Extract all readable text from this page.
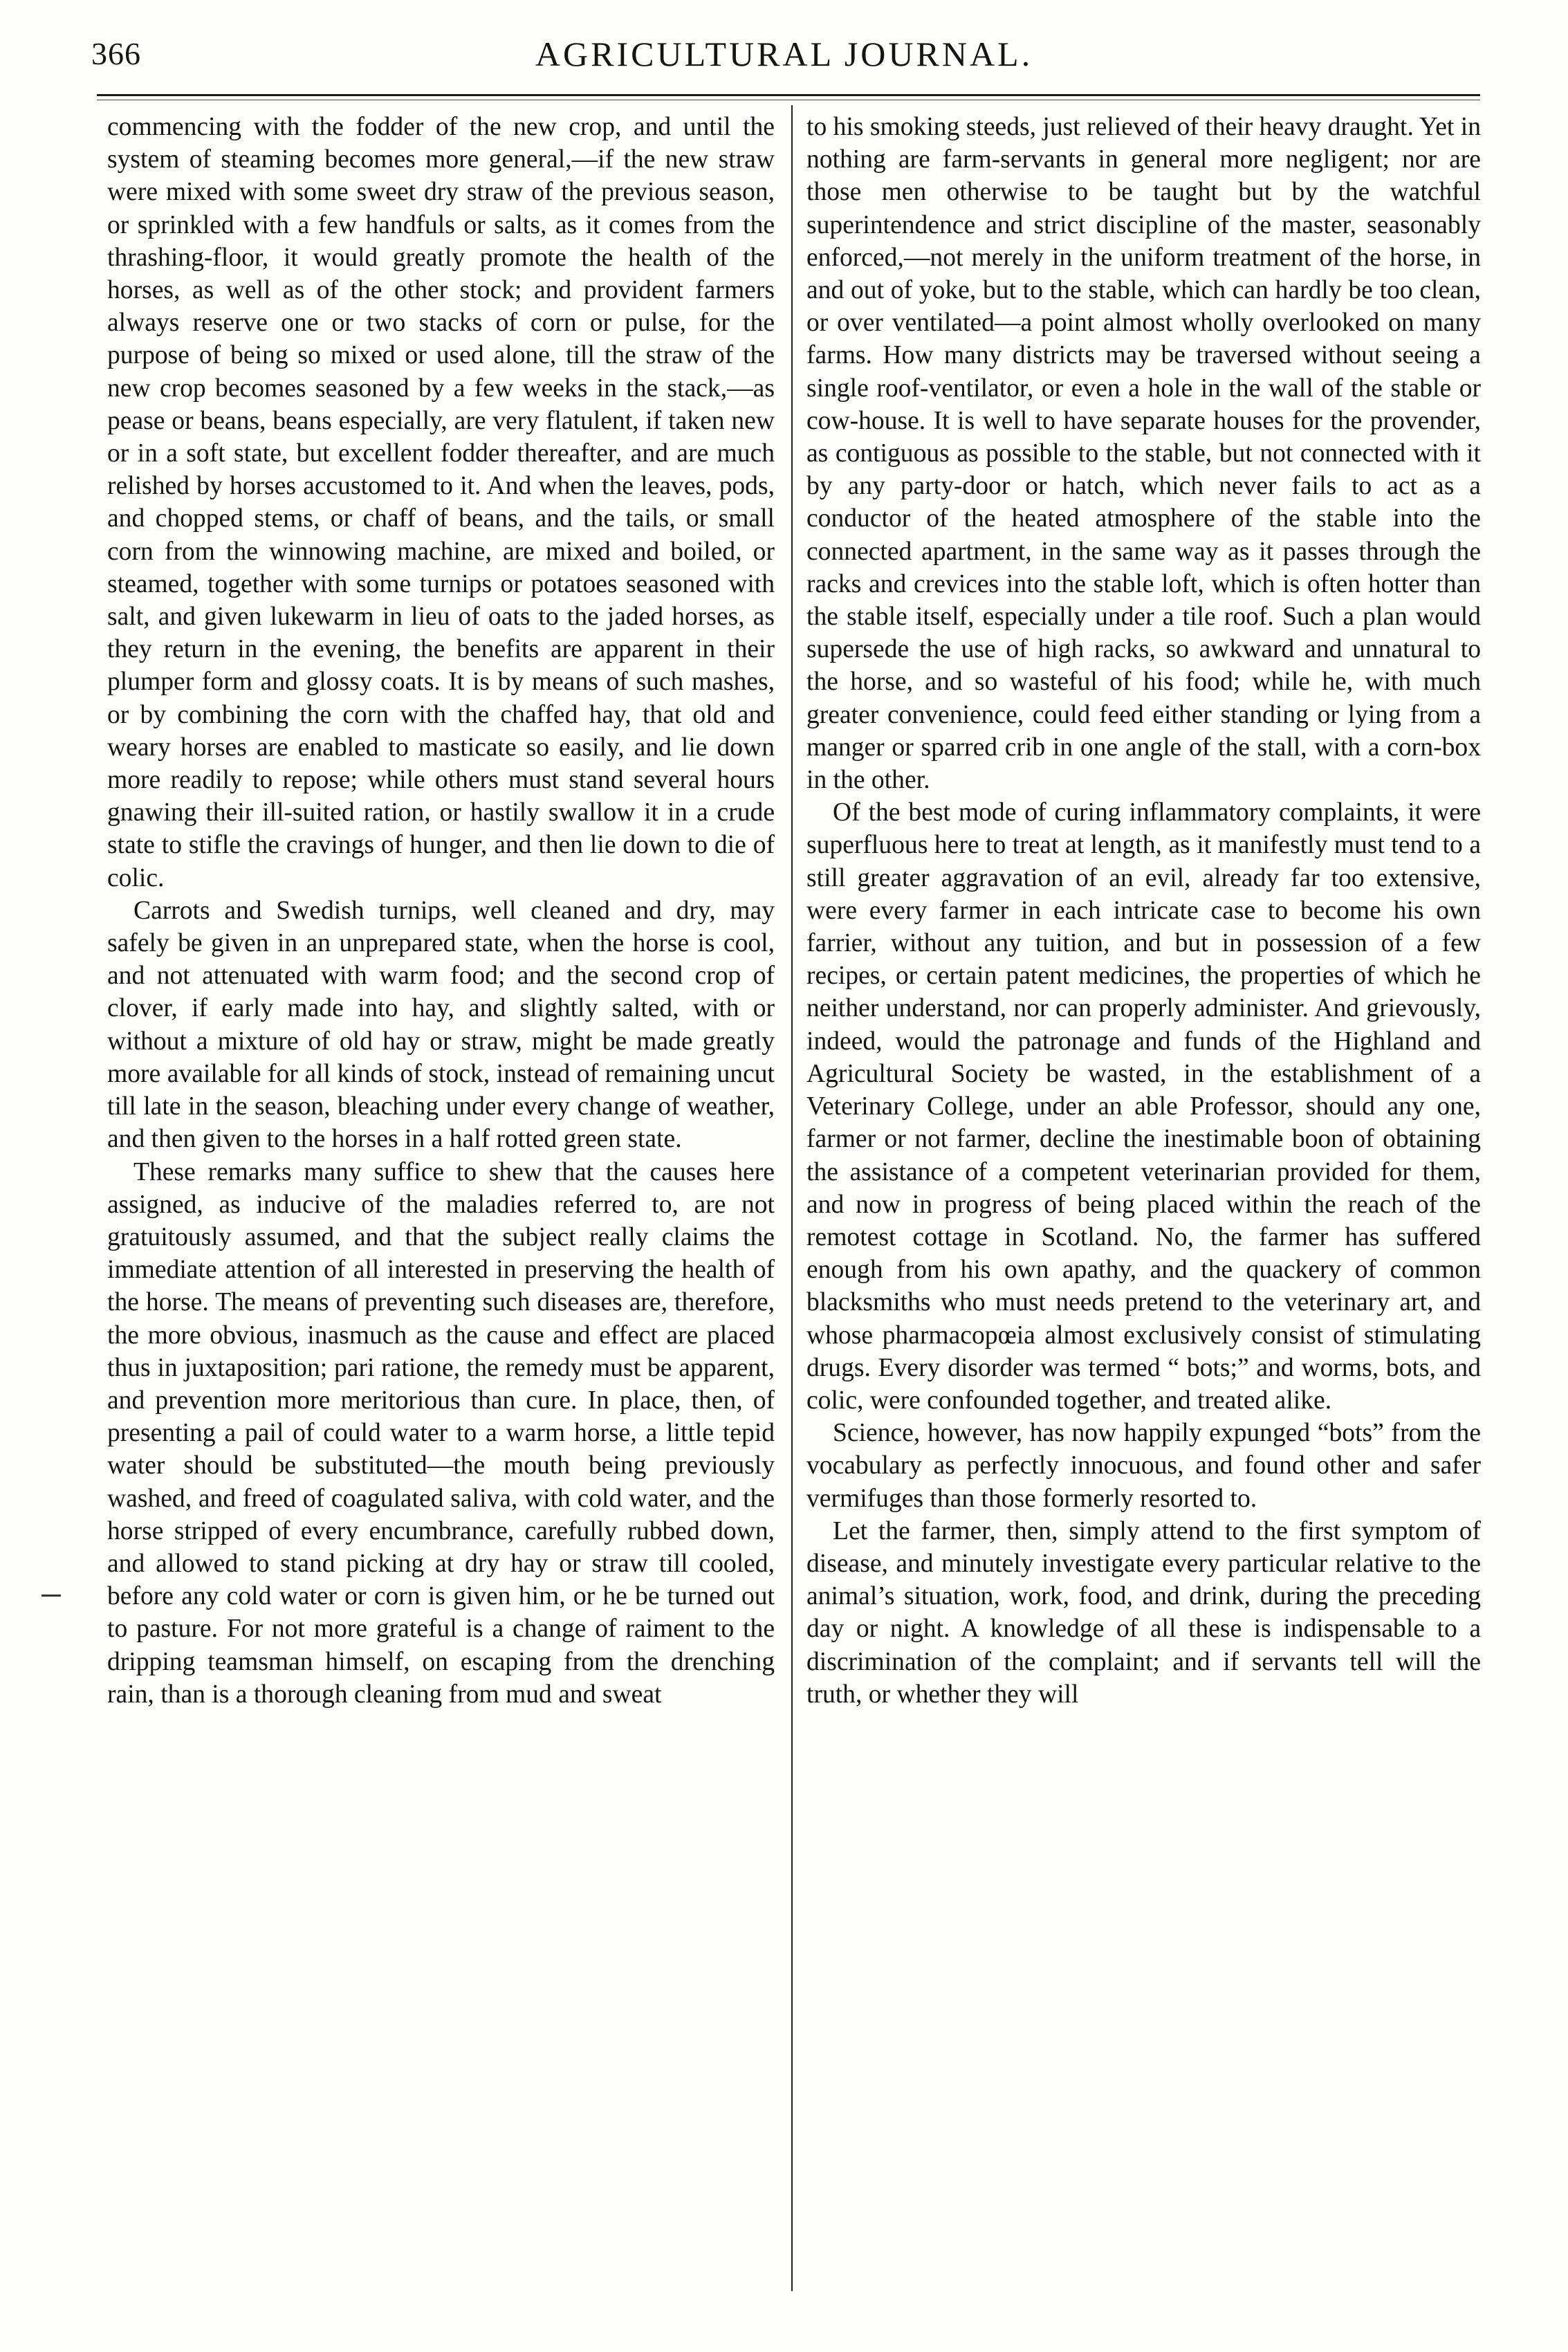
366	AGRICULTURAL JOURNAL.

commencing with the fodder of the new crop, and until the system of steaming becomes more general,—if the new straw were mixed with some sweet dry straw of the previous season, or sprinkled with a few handfuls or salts, as it comes from the thrashing-floor, it would greatly promote the health of the horses, as well as of the other stock; and provident farmers always reserve one or two stacks of corn or pulse, for the purpose of being so mixed or used alone, till the straw of the new crop becomes seasoned by a few weeks in the stack,—as pease or beans, beans especially, are very flatulent, if taken new or in a soft state, but excellent fodder thereafter, and are much relished by horses accustomed to it. And when the leaves, pods, and chopped stems, or chaff of beans, and the tails, or small corn from the winnowing machine, are mixed and boiled, or steamed, together with some turnips or potatoes seasoned with salt, and given lukewarm in lieu of oats to the jaded horses, as they return in the evening, the benefits are apparent in their plumper form and glossy coats. It is by means of such mashes, or by combining the corn with the chaffed hay, that old and weary horses are enabled to masticate so easily, and lie down more readily to repose; while others must stand several hours gnawing their ill-suited ration, or hastily swallow it in a crude state to stifle the cravings of hunger, and then lie down to die of colic.

Carrots and Swedish turnips, well cleaned and dry, may safely be given in an unprepared state, when the horse is cool, and not attenuated with warm food; and the second crop of clover, if early made into hay, and slightly salted, with or without a mixture of old hay or straw, might be made greatly more available for all kinds of stock, instead of remaining uncut till late in the season, bleaching under every change of weather, and then given to the horses in a half rotted green state.

These remarks many suffice to shew that the causes here assigned, as inducive of the maladies referred to, are not gratuitously assumed, and that the subject really claims the immediate attention of all interested in preserving the health of the horse. The means of preventing such diseases are, therefore, the more obvious, inasmuch as the cause and effect are placed thus in juxtaposition; pari ratione, the remedy must be apparent, and prevention more meritorious than cure. In place, then, of presenting a pail of could water to a warm horse, a little tepid water should be substituted—the mouth being previously washed, and freed of coagulated saliva, with cold water, and the horse stripped of every encumbrance, carefully rubbed down, and allowed to stand picking at dry hay or straw till cooled, before any cold water or corn is given him, or he be turned out to pasture. For not more grateful is a change of raiment to the dripping teamsman himself, on escaping from the drenching rain, than is a thorough cleaning from mud and sweat

to his smoking steeds, just relieved of their heavy draught. Yet in nothing are farm-servants in general more negligent; nor are those men otherwise to be taught but by the watchful superintendence and strict discipline of the master, seasonably enforced,—not merely in the uniform treatment of the horse, in and out of yoke, but to the stable, which can hardly be too clean, or over ventilated—a point almost wholly overlooked on many farms. How many districts may be traversed without seeing a single roof-ventilator, or even a hole in the wall of the stable or cow-house. It is well to have separate houses for the provender, as contiguous as possible to the stable, but not connected with it by any party-door or hatch, which never fails to act as a conductor of the heated atmosphere of the stable into the connected apartment, in the same way as it passes through the racks and crevices into the stable loft, which is often hotter than the stable itself, especially under a tile roof. Such a plan would supersede the use of high racks, so awkward and unnatural to the horse, and so wasteful of his food; while he, with much greater convenience, could feed either standing or lying from a manger or sparred crib in one angle of the stall, with a corn-box in the other.

Of the best mode of curing inflammatory complaints, it were superfluous here to treat at length, as it manifestly must tend to a still greater aggravation of an evil, already far too extensive, were every farmer in each intricate case to become his own farrier, without any tuition, and but in possession of a few recipes, or certain patent medicines, the properties of which he neither understand, nor can properly administer. And grievously, indeed, would the patronage and funds of the Highland and Agricultural Society be wasted, in the establishment of a Veterinary College, under an able Professor, should any one, farmer or not farmer, decline the inestimable boon of obtaining the assistance of a competent veterinarian provided for them, and now in progress of being placed within the reach of the remotest cottage in Scotland. No, the farmer has suffered enough from his own apathy, and the quackery of common blacksmiths who must needs pretend to the veterinary art, and whose pharmacopœia almost exclusively consist of stimulating drugs. Every disorder was termed “ bots;” and worms, bots, and colic, were confounded together, and treated alike.

Science, however, has now happily expunged “bots” from the vocabulary as perfectly innocuous, and found other and safer vermifuges than those formerly resorted to.

Let the farmer, then, simply attend to the first symptom of disease, and minutely investigate every particular relative to the animal’s situation, work, food, and drink, during the preceding day or night. A knowledge of all these is indispensable to a discrimination of the complaint; and if servants tell will the truth, or whether they will
